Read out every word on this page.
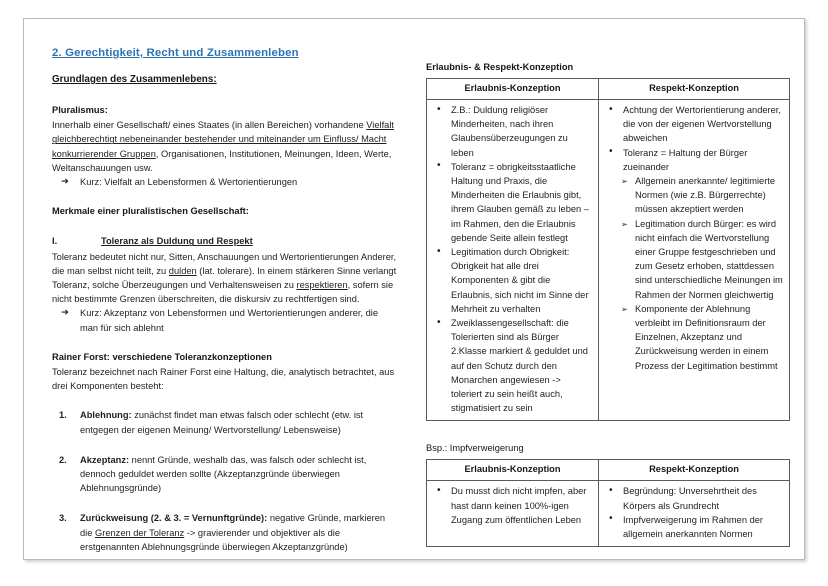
2. Gerechtigkeit, Recht und Zusammenleben
Grundlagen des Zusammenlebens:
Pluralismus:
Innerhalb einer Gesellschaft/ eines Staates (in allen Bereichen) vorhandene Vielfalt gleichberechtigt nebeneinander bestehender und miteinander um Einfluss/ Macht konkurrierender Gruppen, Organisationen, Institutionen, Meinungen, Ideen, Werte, Weltanschauungen usw.
➜ Kurz: Vielfalt an Lebensformen & Wertorientierungen
Merkmale einer pluralistischen Gesellschaft:
I.	Toleranz als Duldung und Respekt
Toleranz bedeutet nicht nur, Sitten, Anschauungen und Wertorientierungen Anderer, die man selbst nicht teilt, zu dulden (lat. tolerare). In einem stärkeren Sinne verlangt Toleranz, solche Überzeugungen und Verhaltensweisen zu respektieren, sofern sie nicht bestimmte Grenzen überschreiten, die diskursiv zu rechtfertigen sind.
➜ Kurz: Akzeptanz von Lebensformen und Wertorientierungen anderer, die man für sich ablehnt
Rainer Forst: verschiedene Toleranzkonzeptionen
Toleranz bezeichnet nach Rainer Forst eine Haltung, die, analytisch betrachtet, aus drei Komponenten besteht:
1. Ablehnung: zunächst findet man etwas falsch oder schlecht (etw. ist entgegen der eigenen Meinung/ Wertvorstellung/ Lebensweise)
2. Akzeptanz: nennt Gründe, weshalb das, was falsch oder schlecht ist, dennoch geduldet werden sollte (Akzeptanzgründe überwiegen Ablehnungsgründe)
3. Zurückweisung (2. & 3. = Vernunftgründe): negative Gründe, markieren die Grenzen der Toleranz -> gravierender und objektiver als die erstgenannten Ablehnungsgründe überwiegen Akzeptanzgründe)
Erlaubnis- & Respekt-Konzeption
Erlaubnis-Konzeption	Respekt-Konzeption

• Z.B.: Duldung religiöser Minderheiten, nach ihren Glaubensüberzeugungen zu leben
• Toleranz = obrigkeitsstaatliche Haltung und Praxis, die Minderheiten die Erlaubnis gibt, ihrem Glauben gemäß zu leben – im Rahmen, den die Erlaubnis gebende Seite allein festlegt
• Legitimation durch Obrigkeit: Obrigkeit hat alle drei Komponenten & gibt die Erlaubnis, sich nicht im Sinne der Mehrheit zu verhalten
• Zweiklassengesellschaft: die Tolerierten sind als Bürger 2.Klasse markiert & geduldet und auf den Schutz durch den Monarchen angewiesen -> toleriert zu sein heißt auch, stigmatisiert zu sein

• Achtung der Wertorientierung anderer, die von der eigenen Wertvorstellung abweichen
• Toleranz = Haltung der Bürger zueinander
➢ Allgemein anerkannte/ legitimierte Normen (wie z.B. Bürgerrechte) müssen akzeptiert werden
➢ Legitimation durch Bürger: es wird nicht einfach die Wertvorstellung einer Gruppe festgeschrieben und zum Gesetz erhoben, stattdessen sind unterschiedliche Meinungen im Rahmen der Normen gleichwertig
➢ Komponente der Ablehnung verbleibt im Definitionsraum der Einzelnen, Akzeptanz und Zurückweisung werden in einem Prozess der Legitimation bestimmt
Bsp.: Impfverweigerung
Erlaubnis-Konzeption	Respekt-Konzeption

• Du musst dich nicht impfen, aber hast dann keinen 100%-igen Zugang zum öffentlichen Leben

• Begründung: Unversehrtheit des Körpers als Grundrecht
• Impfverweigerung im Rahmen der allgemein anerkannten Normen
